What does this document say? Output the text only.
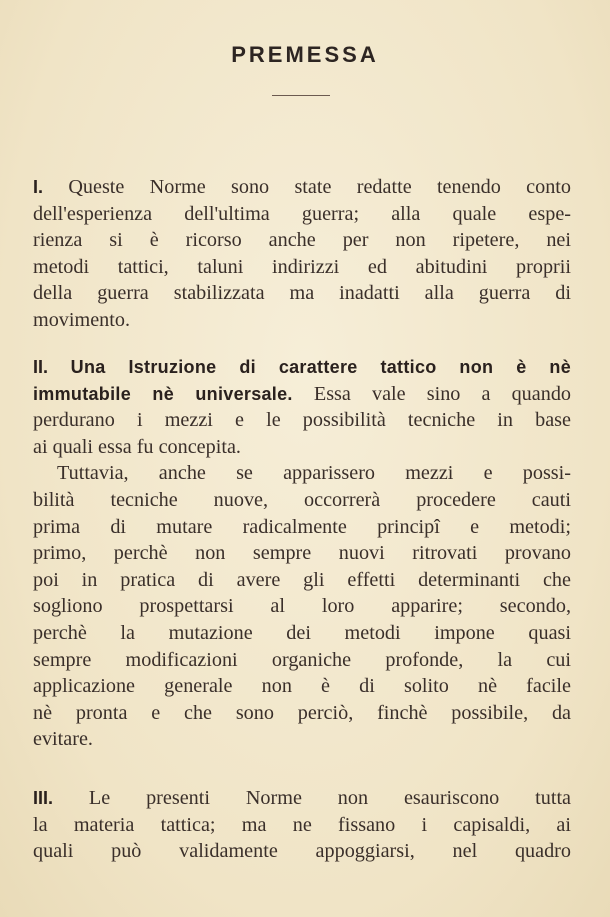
PREMESSA
I. Queste Norme sono state redatte tenendo conto
dell'esperienza dell'ultima guerra; alla quale espe-
rienza si è ricorso anche per non ripetere, nei
metodi tattici, taluni indirizzi ed abitudini proprii
della guerra stabilizzata ma inadatti alla guerra di
movimento.
II. Una Istruzione di carattere tattico non è nè
immutabile nè universale. Essa vale sino a quando
perdurano i mezzi e le possibilità tecniche in base
ai quali essa fu concepita.
Tuttavia, anche se apparissero mezzi e possi-
bilità tecniche nuove, occorrerà procedere cauti
prima di mutare radicalmente principî e metodi;
primo, perchè non sempre nuovi ritrovati provano
poi in pratica di avere gli effetti determinanti che
sogliono prospettarsi al loro apparire; secondo,
perchè la mutazione dei metodi impone quasi
sempre modificazioni organiche profonde, la cui
applicazione generale non è di solito nè facile
nè pronta e che sono perciò, finchè possibile, da
evitare.
III. Le presenti Norme non esauriscono tutta
la materia tattica; ma ne fissano i capisaldi, ai
quali può validamente appoggiarsi, nel quadro
